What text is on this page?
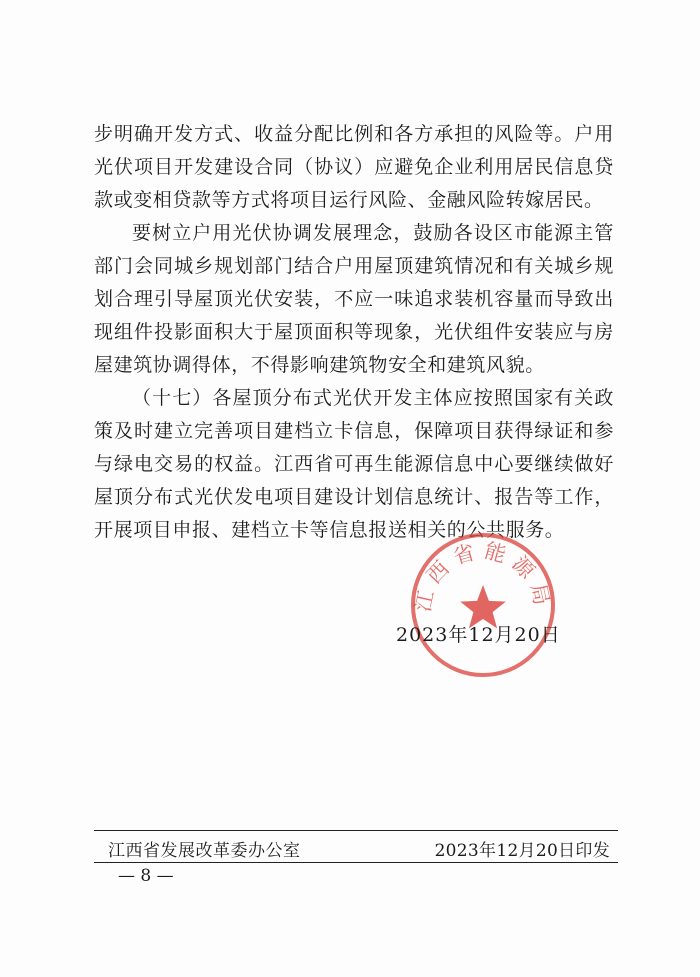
步明确开发方式、收益分配比例和各方承担的风险等。户用光伏项目开发建设合同（协议）应避免企业利用居民信息贷款或变相贷款等方式将项目运行风险、金融风险转嫁居民。

要树立户用光伏协调发展理念，鼓励各设区市能源主管部门会同城乡规划部门结合户用屋顶建筑情况和有关城乡规划合理引导屋顶光伏安装，不应一味追求装机容量而导致出现组件投影面积大于屋顶面积等现象，光伏组件安装应与房屋建筑协调得体，不得影响建筑物安全和建筑风貌。

（十七）各屋顶分布式光伏开发主体应按照国家有关政策及时建立完善项目建档立卡信息，保障项目获得绿证和参与绿电交易的权益。江西省可再生能源信息中心要继续做好屋顶分布式光伏发电项目建设计划信息统计、报告等工作，开展项目申报、建档立卡等信息报送相关的公共服务。

江西省能源局
2023年12月20日
江西省发展改革委办公室	2023年12月20日印发
— 8 —
